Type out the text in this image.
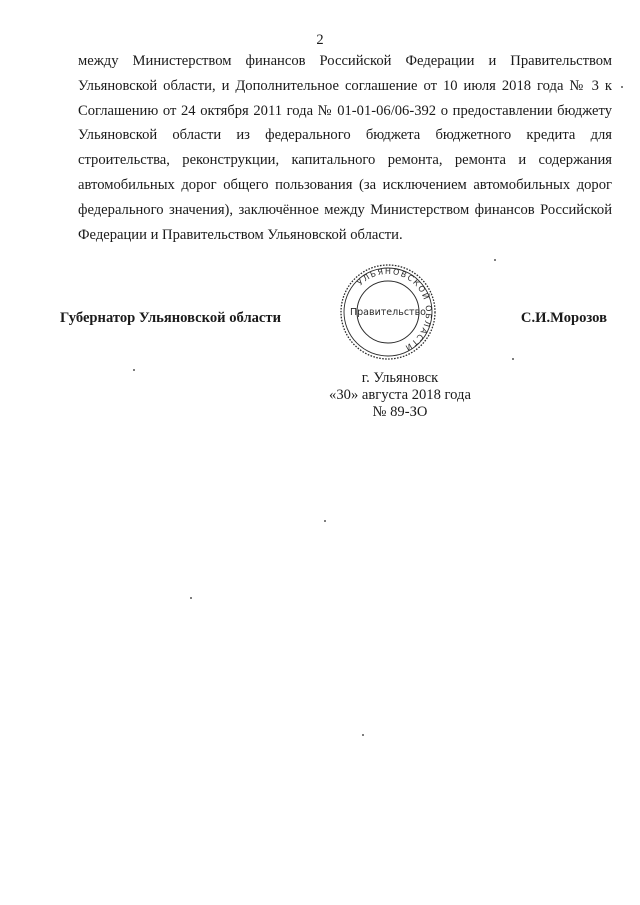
2

между Министерством финансов Российской Федерации и Правительством Ульяновской области, и Дополнительное соглашение от 10 июля 2018 года № 3 к Соглашению от 24 октября 2011 года № 01-01-06/06-392 о предоставлении бюджету Ульяновской области из федерального бюджета бюджетного кредита для строительства, реконструкции, капитального ремонта, ремонта и содержания автомобильных дорог общего пользования (за исключением автомобильных дорог федерального значения), заключённое между Министерством финансов Российской Федерации и Правительством Ульяновской области.

Губернатор Ульяновской области	С.И.Морозов
УЛЬЯНОВСКОЙ ОБЛАСТИ
Правительство
г. Ульяновск
«30» августа 2018 года
№ 89-ЗО
